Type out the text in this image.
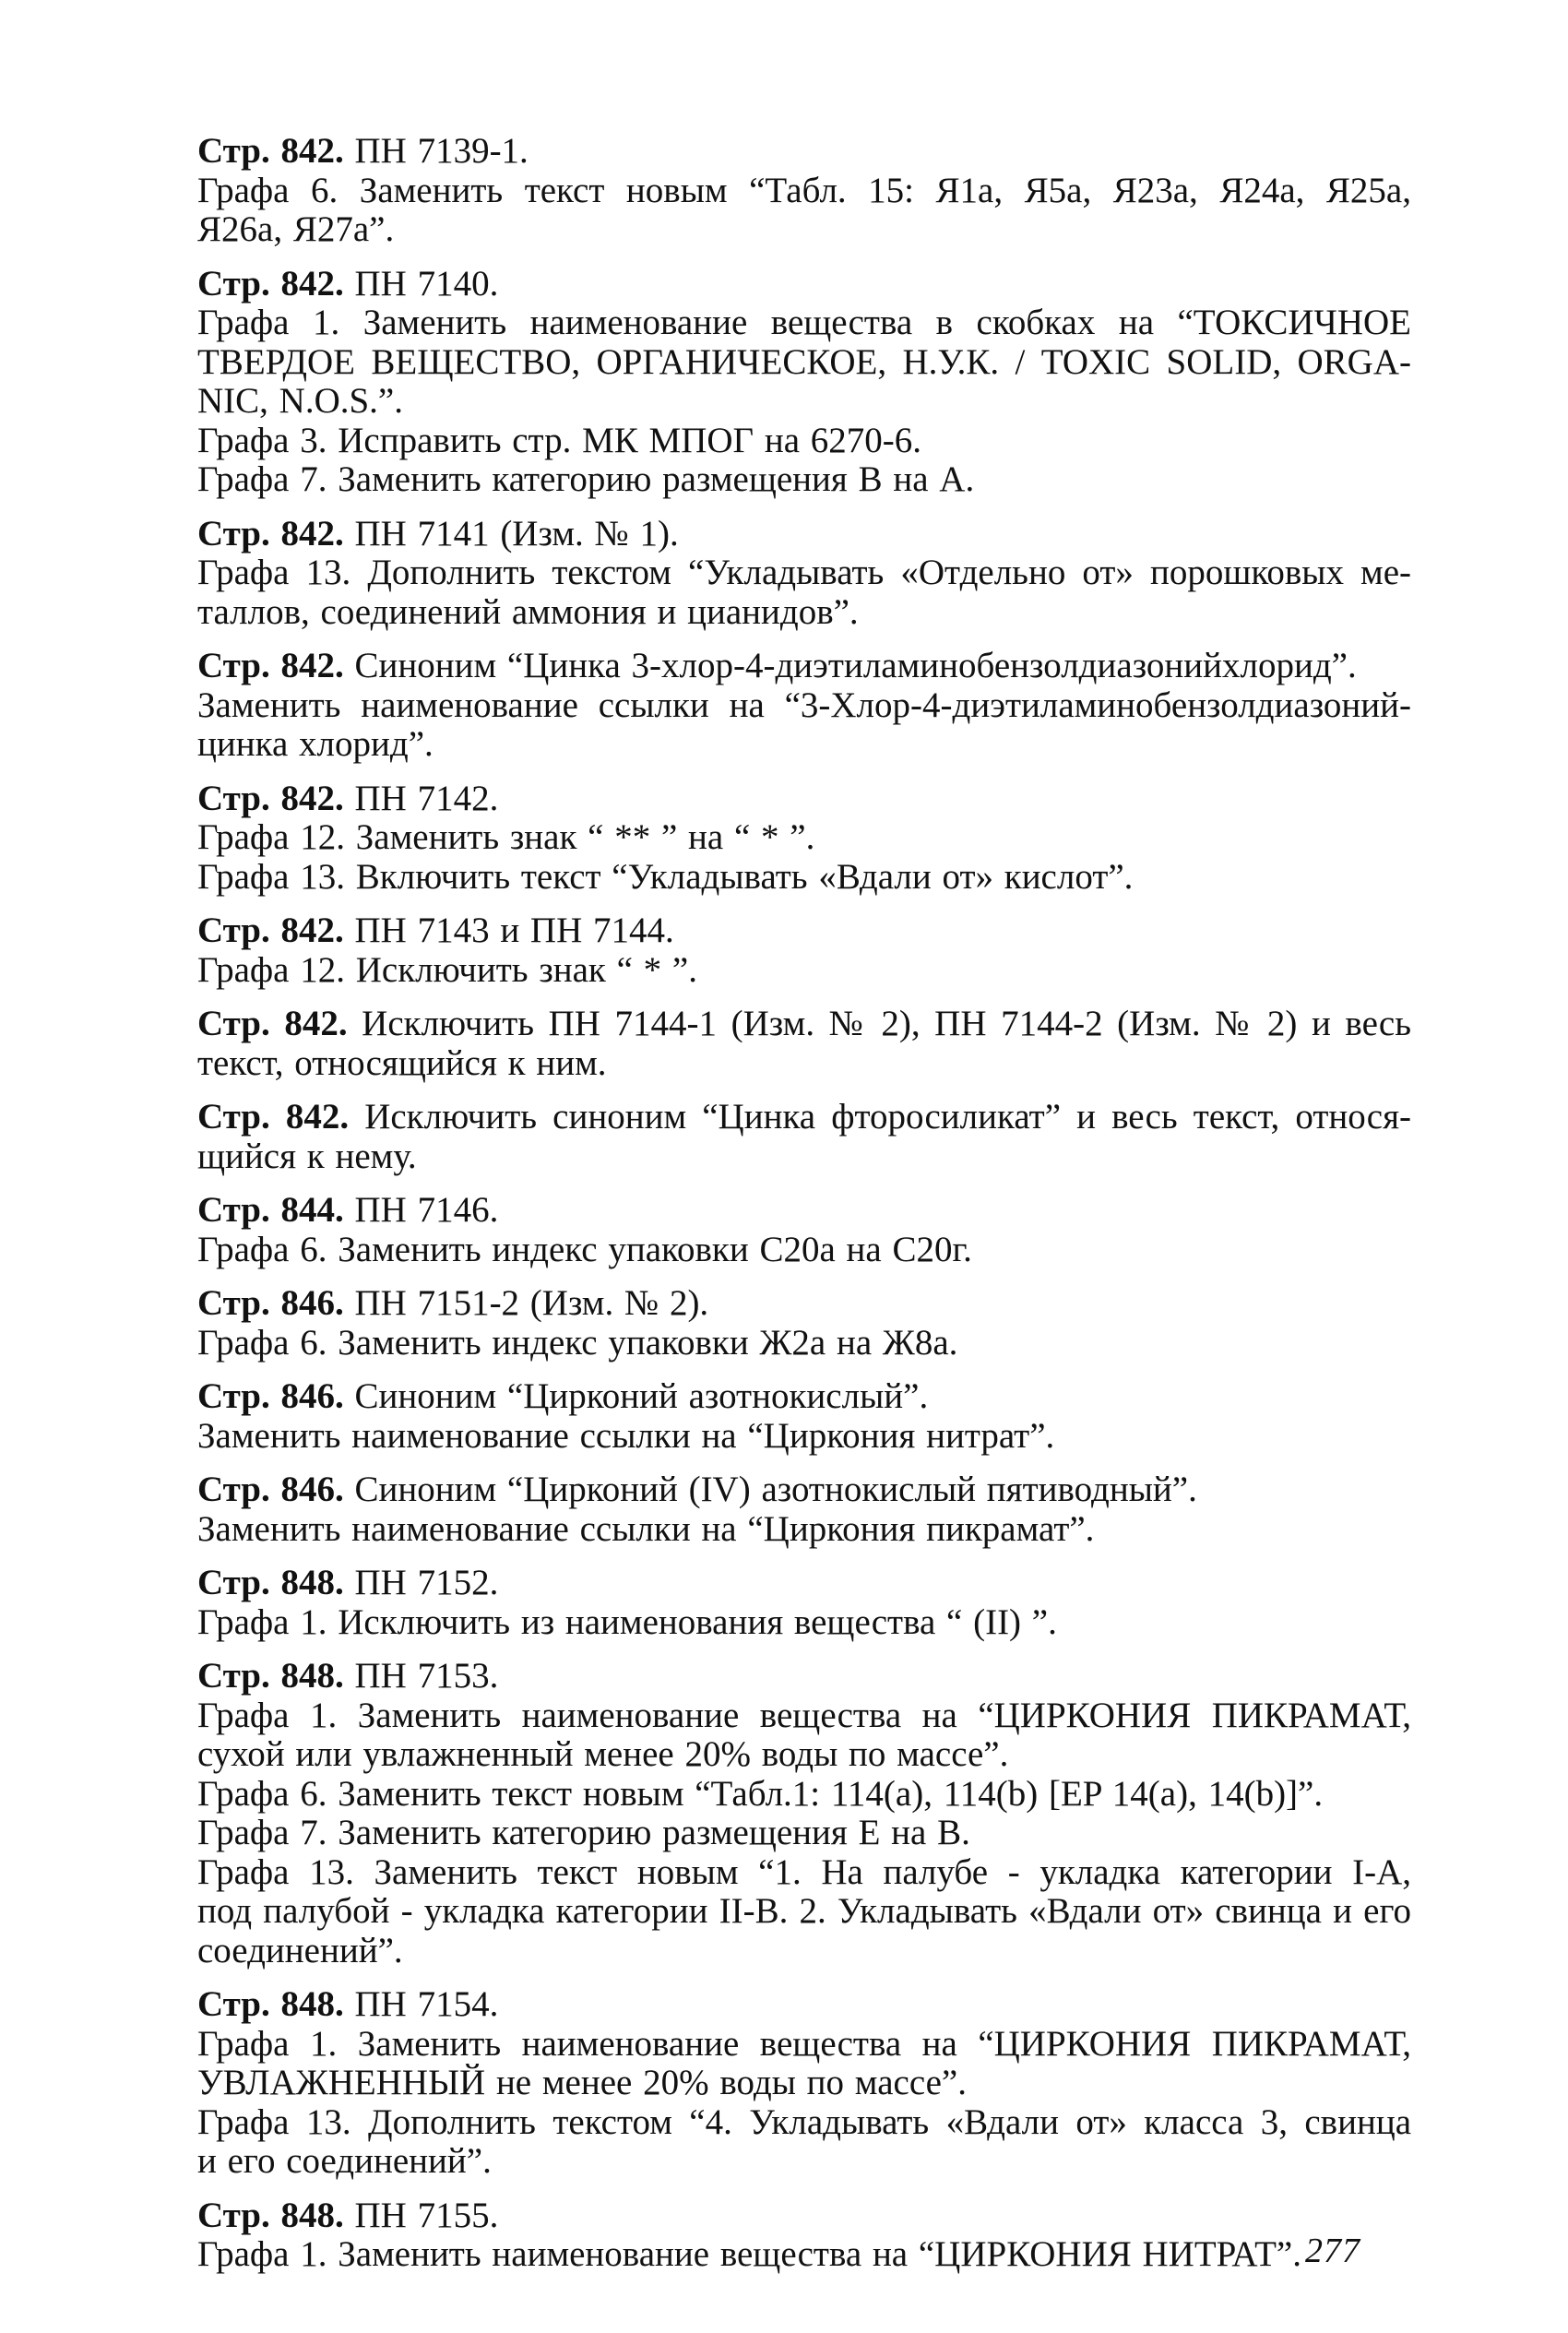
Стр. 842. ПН 7139-1.
Графа 6. Заменить текст новым “Табл. 15: Я1а, Я5а, Я23а, Я24а, Я25а,
Я26а, Я27а”.
Стр. 842. ПН 7140.
Графа 1. Заменить наименование вещества в скобках на “ТОКСИЧНОЕ
ТВЕРДОЕ ВЕЩЕСТВО, ОРГАНИЧЕСКОЕ, Н.У.К. / TOXIC SOLID, ORGA-
NIC, N.O.S.”.
Графа 3. Исправить стр. МК МПОГ на 6270-6.
Графа 7. Заменить категорию размещения В на А.
Стр. 842. ПН 7141 (Изм. № 1).
Графа 13. Дополнить текстом “Укладывать «Отдельно от» порошковых ме-
таллов, соединений аммония и цианидов”.
Стр. 842. Синоним “Цинка 3-хлор-4-диэтиламинобензолдиазонийхлорид”.
Заменить наименование ссылки на “3-Хлор-4-диэтиламинобензолдиазоний-
цинка хлорид”.
Стр. 842. ПН 7142.
Графа 12. Заменить знак “ ** ” на “ * ”.
Графа 13. Включить текст “Укладывать «Вдали от» кислот”.
Стр. 842. ПН 7143 и ПН 7144.
Графа 12. Исключить знак “ * ”.
Стр. 842. Исключить ПН 7144-1 (Изм. № 2), ПН 7144-2 (Изм. № 2) и весь
текст, относящийся к ним.
Стр. 842. Исключить синоним “Цинка фторосиликат” и весь текст, относя-
щийся к нему.
Стр. 844. ПН 7146.
Графа 6. Заменить индекс упаковки С20а на С20г.
Стр. 846. ПН 7151-2 (Изм. № 2).
Графа 6. Заменить индекс упаковки Ж2а на Ж8а.
Стр. 846. Синоним “Цирконий азотнокислый”.
Заменить наименование ссылки на “Циркония нитрат”.
Стр. 846. Синоним “Цирконий (IV) азотнокислый пятиводный”.
Заменить наименование ссылки на “Циркония пикрамат”.
Стр. 848. ПН 7152.
Графа 1. Исключить из наименования вещества “ (II) ”.
Стр. 848. ПН 7153.
Графа 1. Заменить наименование вещества на “ЦИРКОНИЯ ПИКРАМАТ,
сухой или увлажненный менее 20% воды по массе”.
Графа 6. Заменить текст новым “Табл.1: 114(a), 114(b) [EP 14(a), 14(b)]”.
Графа 7. Заменить категорию размещения Е на В.
Графа 13. Заменить текст новым “1. На палубе - укладка категории I-A,
под палубой - укладка категории II-B. 2. Укладывать «Вдали от» свинца и его
соединений”.
Стр. 848. ПН 7154.
Графа 1. Заменить наименование вещества на “ЦИРКОНИЯ ПИКРАМАТ,
УВЛАЖНЕННЫЙ не менее 20% воды по массе”.
Графа 13. Дополнить текстом “4. Укладывать «Вдали от» класса 3, свинца
и его соединений”.
Стр. 848. ПН 7155.
Графа 1. Заменить наименование вещества на “ЦИРКОНИЯ НИТРАТ”. 277
